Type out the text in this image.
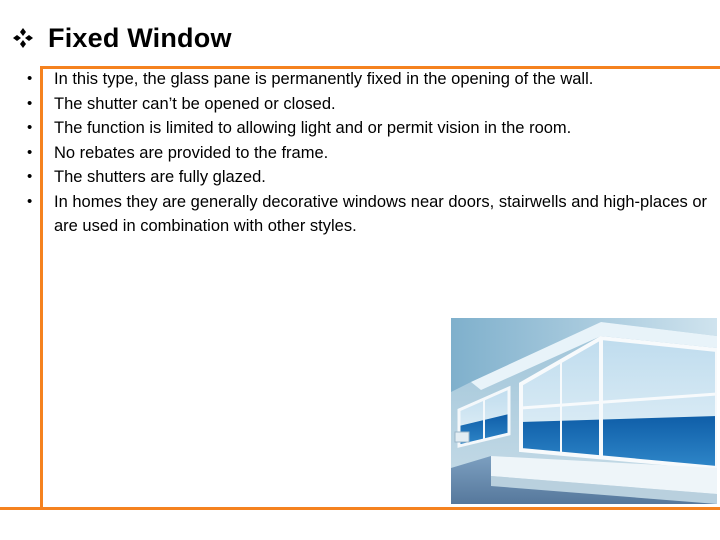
Fixed Window
• In this type, the glass pane is permanently fixed in the opening of the wall.
• The shutter can’t be opened or closed.
• The function is limited to allowing light and or permit vision in the room.
• No rebates are provided to the frame.
• The shutters are fully glazed.
• In homes they are generally decorative windows near doors, stairwells and high-places or are used in combination with other styles.
